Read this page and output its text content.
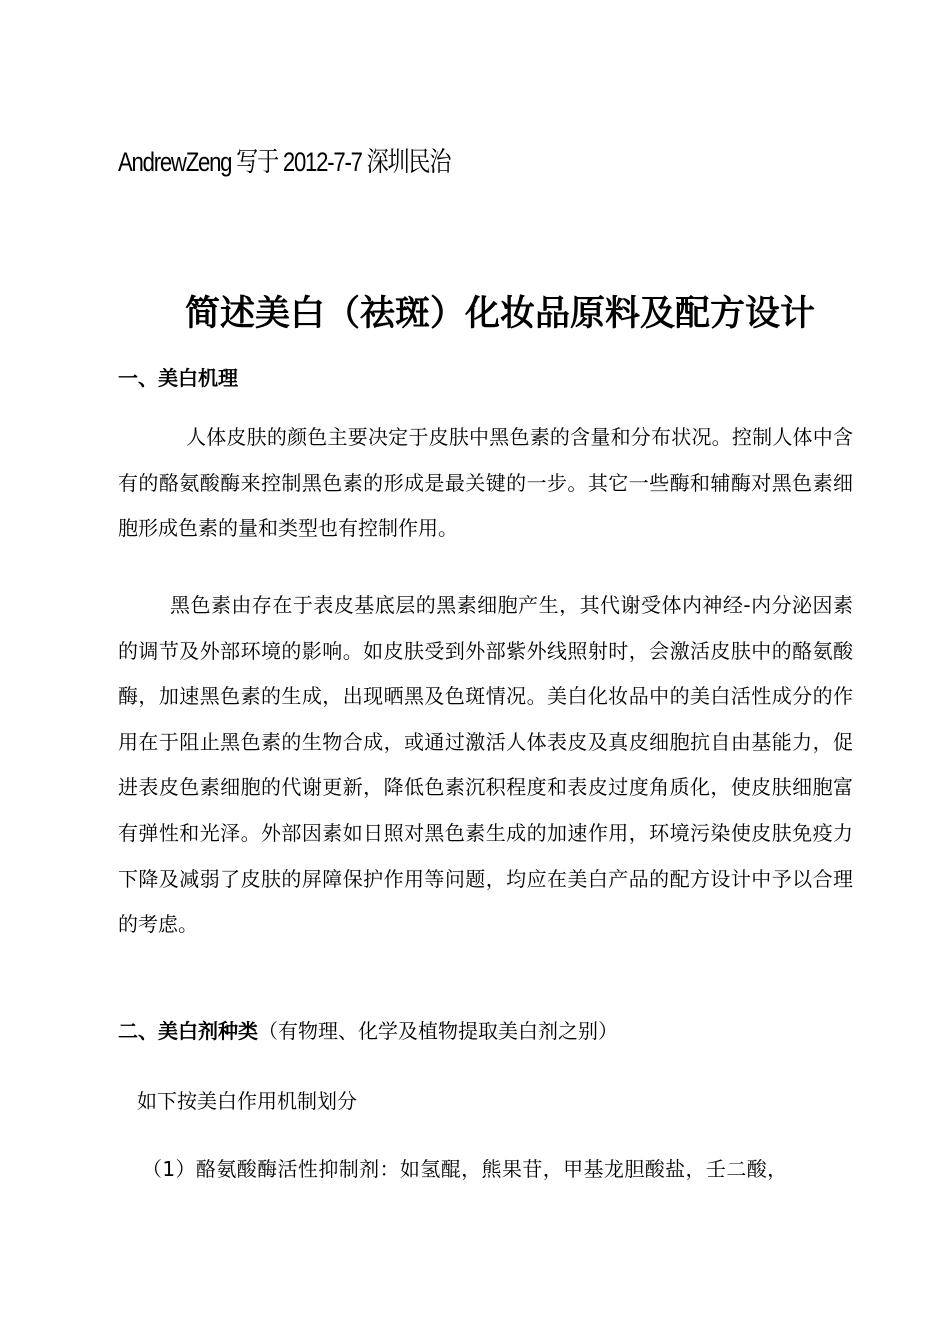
AndrewZeng 写于 2012-7-7 深圳民治
简述美白（祛斑）化妆品原料及配方设计
一、美白机理

人体皮肤的颜色主要决定于皮肤中黑色素的含量和分布状况。控制人体中含有的酪氨酸酶来控制黑色素的形成是最关键的一步。其它一些酶和辅酶对黑色素细胞形成色素的量和类型也有控制作用。

黑色素由存在于表皮基底层的黑素细胞产生，其代谢受体内神经-内分泌因素的调节及外部环境的影响。如皮肤受到外部紫外线照射时，会激活皮肤中的酪氨酸酶，加速黑色素的生成，出现晒黑及色斑情况。美白化妆品中的美白活性成分的作用在于阻止黑色素的生物合成，或通过激活人体表皮及真皮细胞抗自由基能力，促进表皮色素细胞的代谢更新，降低色素沉积程度和表皮过度角质化，使皮肤细胞富有弹性和光泽。外部因素如日照对黑色素生成的加速作用，环境污染使皮肤免疫力下降及减弱了皮肤的屏障保护作用等问题，均应在美白产品的配方设计中予以合理的考虑。

二、美白剂种类（有物理、化学及植物提取美白剂之别）
如下按美白作用机制划分
（1）酪氨酸酶活性抑制剂：如氢醌，熊果苷，甲基龙胆酸盐，壬二酸，
